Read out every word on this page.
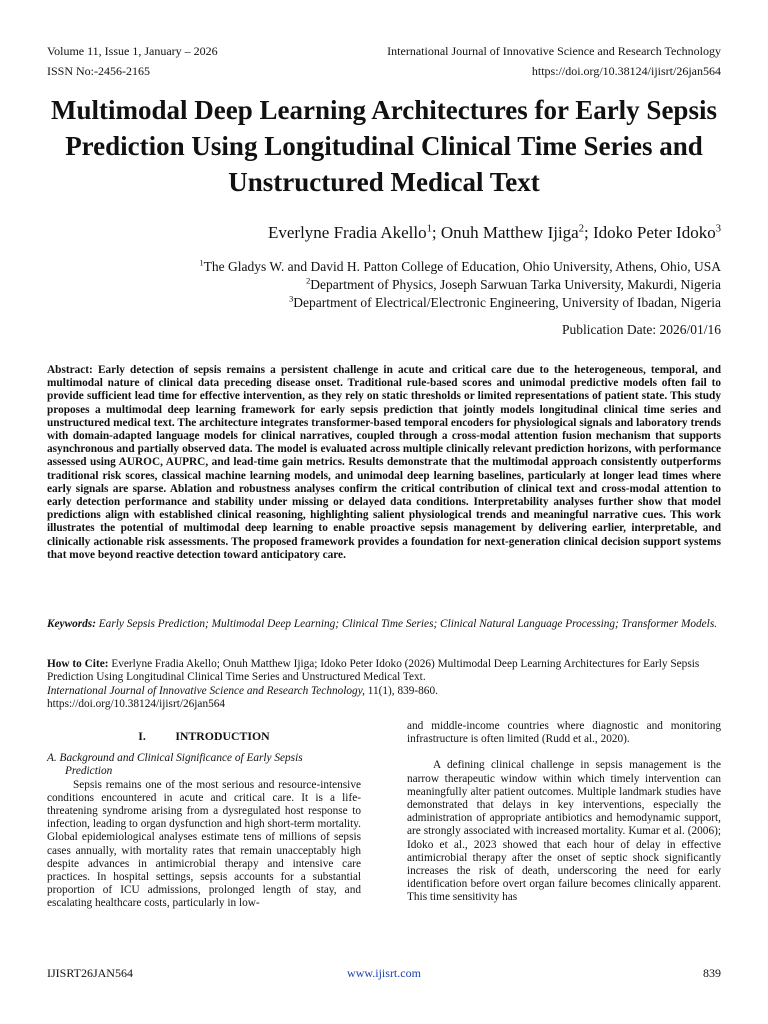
Volume 11, Issue 1, January – 2026
ISSN No:-2456-2165
International Journal of Innovative Science and Research Technology
https://doi.org/10.38124/ijisrt/26jan564
Multimodal Deep Learning Architectures for Early Sepsis Prediction Using Longitudinal Clinical Time Series and Unstructured Medical Text
Everlyne Fradia Akello$^1$; Onuh Matthew Ijiga$^2$; Idoko Peter Idoko$^3$
$^1$The Gladys W. and David H. Patton College of Education, Ohio University, Athens, Ohio, USA
$^2$Department of Physics, Joseph Sarwuan Tarka University, Makurdi, Nigeria
$^3$Department of Electrical/Electronic Engineering, University of Ibadan, Nigeria
Publication Date: 2026/01/16
Abstract: Early detection of sepsis remains a persistent challenge in acute and critical care due to the heterogeneous, temporal, and multimodal nature of clinical data preceding disease onset. Traditional rule-based scores and unimodal predictive models often fail to provide sufficient lead time for effective intervention, as they rely on static thresholds or limited representations of patient state. This study proposes a multimodal deep learning framework for early sepsis prediction that jointly models longitudinal clinical time series and unstructured medical text. The architecture integrates transformer-based temporal encoders for physiological signals and laboratory trends with domain-adapted language models for clinical narratives, coupled through a cross-modal attention fusion mechanism that supports asynchronous and partially observed data. The model is evaluated across multiple clinically relevant prediction horizons, with performance assessed using AUROC, AUPRC, and lead-time gain metrics. Results demonstrate that the multimodal approach consistently outperforms traditional risk scores, classical machine learning models, and unimodal deep learning baselines, particularly at longer lead times where early signals are sparse. Ablation and robustness analyses confirm the critical contribution of clinical text and cross-modal attention to early detection performance and stability under missing or delayed data conditions. Interpretability analyses further show that model predictions align with established clinical reasoning, highlighting salient physiological trends and meaningful narrative cues. This work illustrates the potential of multimodal deep learning to enable proactive sepsis management by delivering earlier, interpretable, and clinically actionable risk assessments. The proposed framework provides a foundation for next-generation clinical decision support systems that move beyond reactive detection toward anticipatory care.
Keywords: Early Sepsis Prediction; Multimodal Deep Learning; Clinical Time Series; Clinical Natural Language Processing; Transformer Models.
How to Cite: Everlyne Fradia Akello; Onuh Matthew Ijiga; Idoko Peter Idoko (2026) Multimodal Deep Learning Architectures for Early Sepsis Prediction Using Longitudinal Clinical Time Series and Unstructured Medical Text.
International Journal of Innovative Science and Research Technology, 11(1), 839-860.
https://doi.org/10.38124/ijisrt/26jan564
I.          INTRODUCTION
A. Background and Clinical Significance of Early Sepsis
Prediction

Sepsis remains one of the most serious and resource-intensive conditions encountered in acute and critical care. It is a life-threatening syndrome arising from a dysregulated host response to infection, leading to organ dysfunction and high short-term mortality. Global epidemiological analyses estimate tens of millions of sepsis cases annually, with mortality rates that remain unacceptably high despite advances in antimicrobial therapy and intensive care practices. In hospital settings, sepsis accounts for a substantial proportion of ICU admissions, prolonged length of stay, and escalating healthcare costs, particularly in low-

and middle-income countries where diagnostic and monitoring infrastructure is often limited (Rudd et al., 2020).

A defining clinical challenge in sepsis management is the narrow therapeutic window within which timely intervention can meaningfully alter patient outcomes. Multiple landmark studies have demonstrated that delays in key interventions, especially the administration of appropriate antibiotics and hemodynamic support, are strongly associated with increased mortality. Kumar et al. (2006); Idoko et al., 2023 showed that each hour of delay in effective antimicrobial therapy after the onset of septic shock significantly increases the risk of death, underscoring the need for early identification before overt organ failure becomes clinically apparent. This time sensitivity has

IJISRT26JAN564	www.ijisrt.com	839
